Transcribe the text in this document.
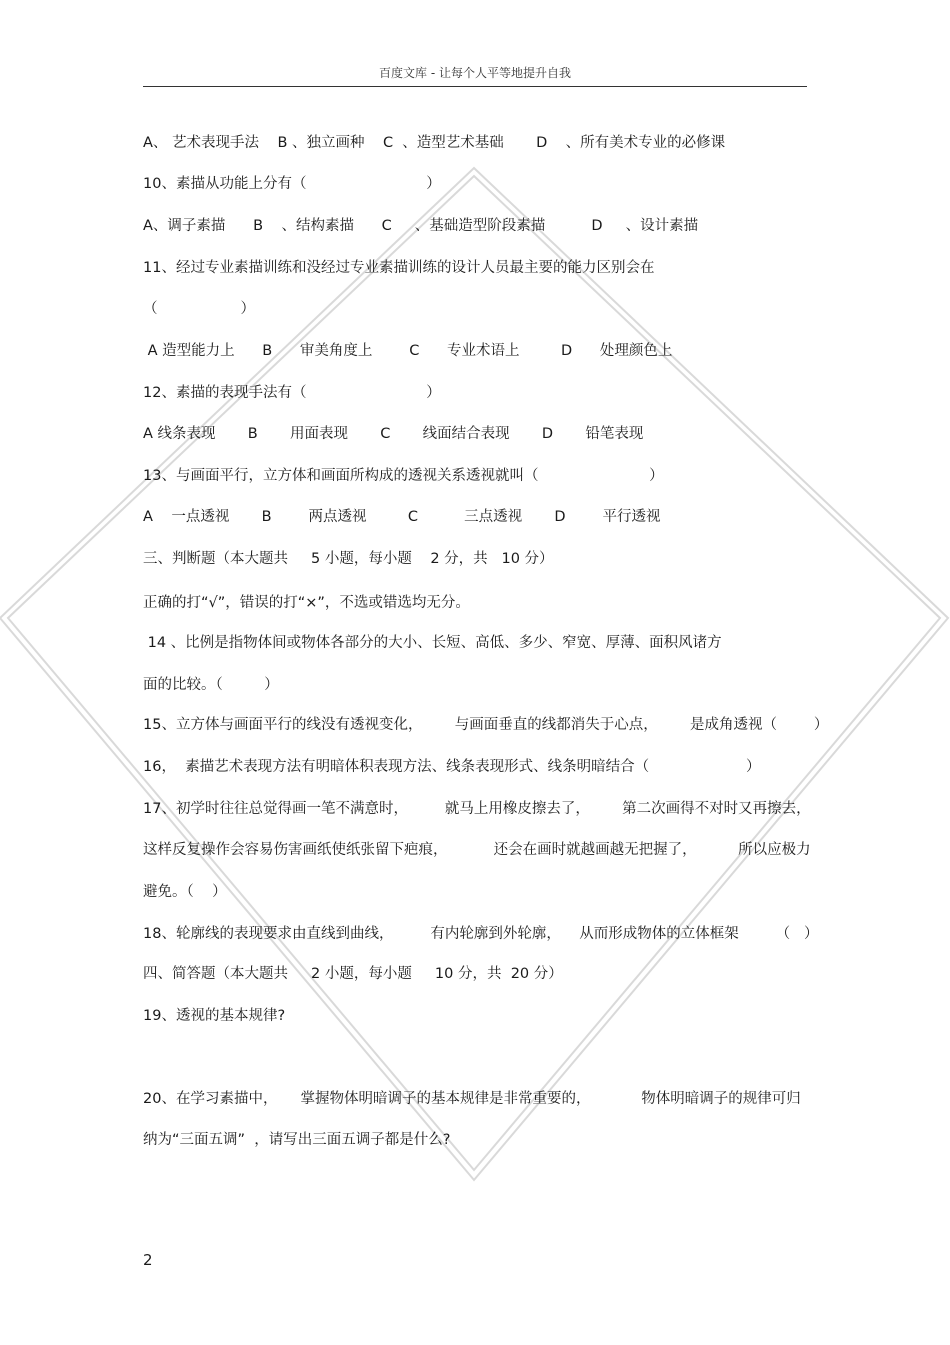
百度文库 - 让每个人平等地提升自我
A、 艺术表现手法    B 、独立画种    C  、造型艺术基础       D    、所有美术专业的必修课
10、素描从功能上分有（                          ）
A、调子素描      B    、结构素描      C     、基础造型阶段素描          D     、设计素描
11、经过专业素描训练和没经过专业素描训练的设计人员最主要的能力区别会在
（                  ）
A 造型能力上      B      审美角度上        C      专业术语上         D      处理颜色上
12、素描的表现手法有（                          ）
A 线条表现       B       用面表现       C       线面结合表现       D       铅笔表现
13、与画面平行，立方体和画面所构成的透视关系透视就叫（                        ）
A    一点透视       B        两点透视         C          三点透视       D        平行透视
三、判断题（本大题共     5 小题，每小题    2 分，共   10 分）
正确的打“√”，错误的打“×”，不选或错选均无分。
14 、比例是指物体间或物体各部分的大小、长短、高低、多少、窄宽、厚薄、面积风诸方
面的比较。（         ）
15、立方体与画面平行的线没有透视变化，       与画面垂直的线都消失于心点，       是成角透视（        ）
16，  素描艺术表现方法有明暗体积表现方法、线条表现形式、线条明暗结合（                     ）
17、初学时往往总觉得画一笔不满意时，        就马上用橡皮擦去了，       第二次画得不对时又再擦去，
这样反复操作会容易伤害画纸使纸张留下疤痕，          还会在画时就越画越无把握了，         所以应极力
避免。（    ）
18、轮廓线的表现要求由直线到曲线，        有内轮廓到外轮廓，    从而形成物体的立体框架        （   ）
四、简答题（本大题共     2 小题，每小题     10 分，共  20 分）
19、透视的基本规律?
20、在学习素描中，     掌握物体明暗调子的基本规律是非常重要的，           物体明暗调子的规律可归
纳为“三面五调”  ，请写出三面五调子都是什么?
2
